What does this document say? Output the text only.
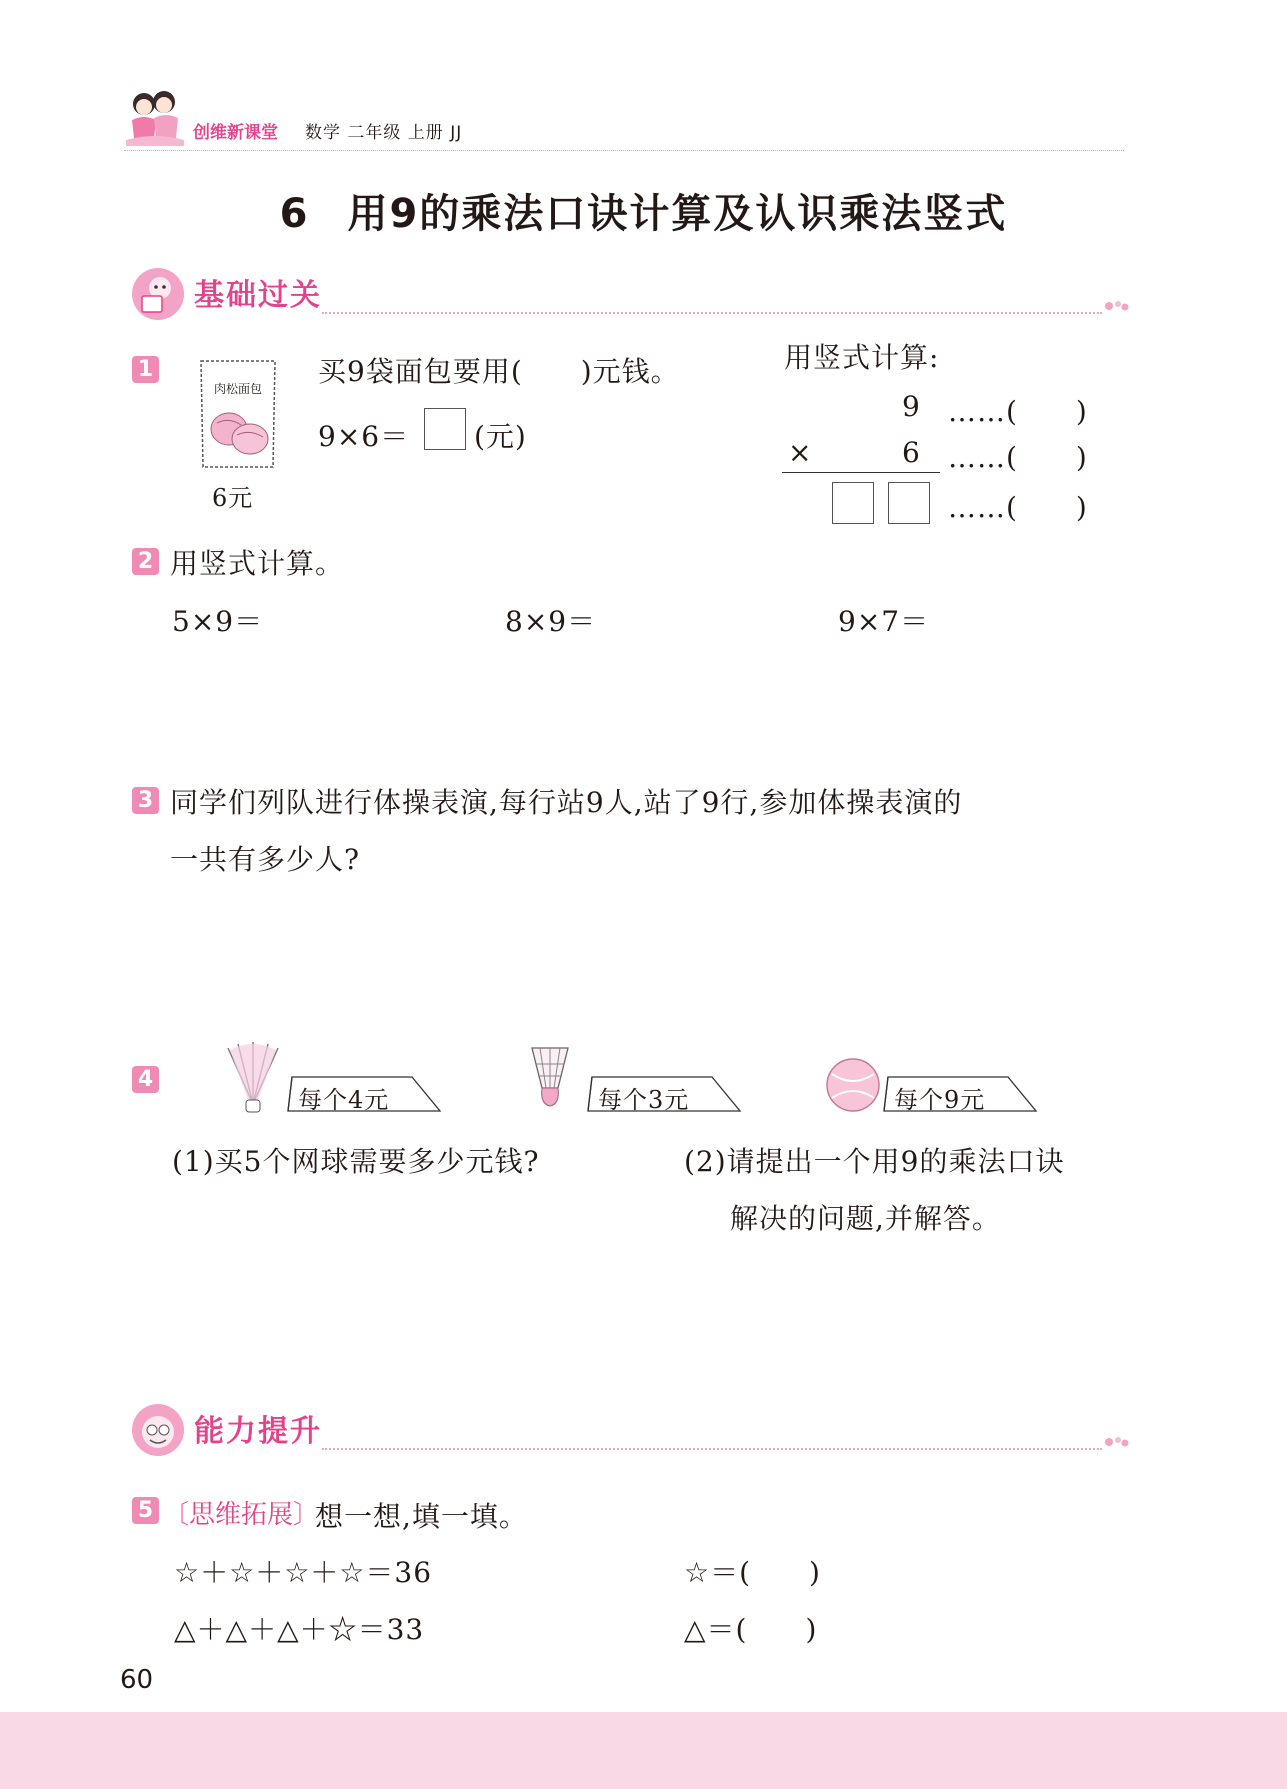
创维新课堂 数学 二年级 上册 JJ
6 用9的乘法口诀计算及认识乘法竖式
基础过关
1
肉松面包
6元
买9袋面包要用(　　)元钱。
9×6＝ (元)
用竖式计算:
9 ……(　　)
×	6 ……(　　)
……(　　)
2 用竖式计算。
5×9＝	8×9＝	9×7＝
3 同学们列队进行体操表演,每行站9人,站了9行,参加体操表演的
一共有多少人?
4
每个4元	每个3元	每个9元
(1)买5个网球需要多少元钱?	(2)请提出一个用9的乘法口诀
解决的问题,并解答。
能力提升
5 〔思维拓展〕
想一想,填一填。
☆＋☆＋☆＋☆＝36	☆＝(　　)
△＋△＋△＋☆＝33	△＝(　　)
60
